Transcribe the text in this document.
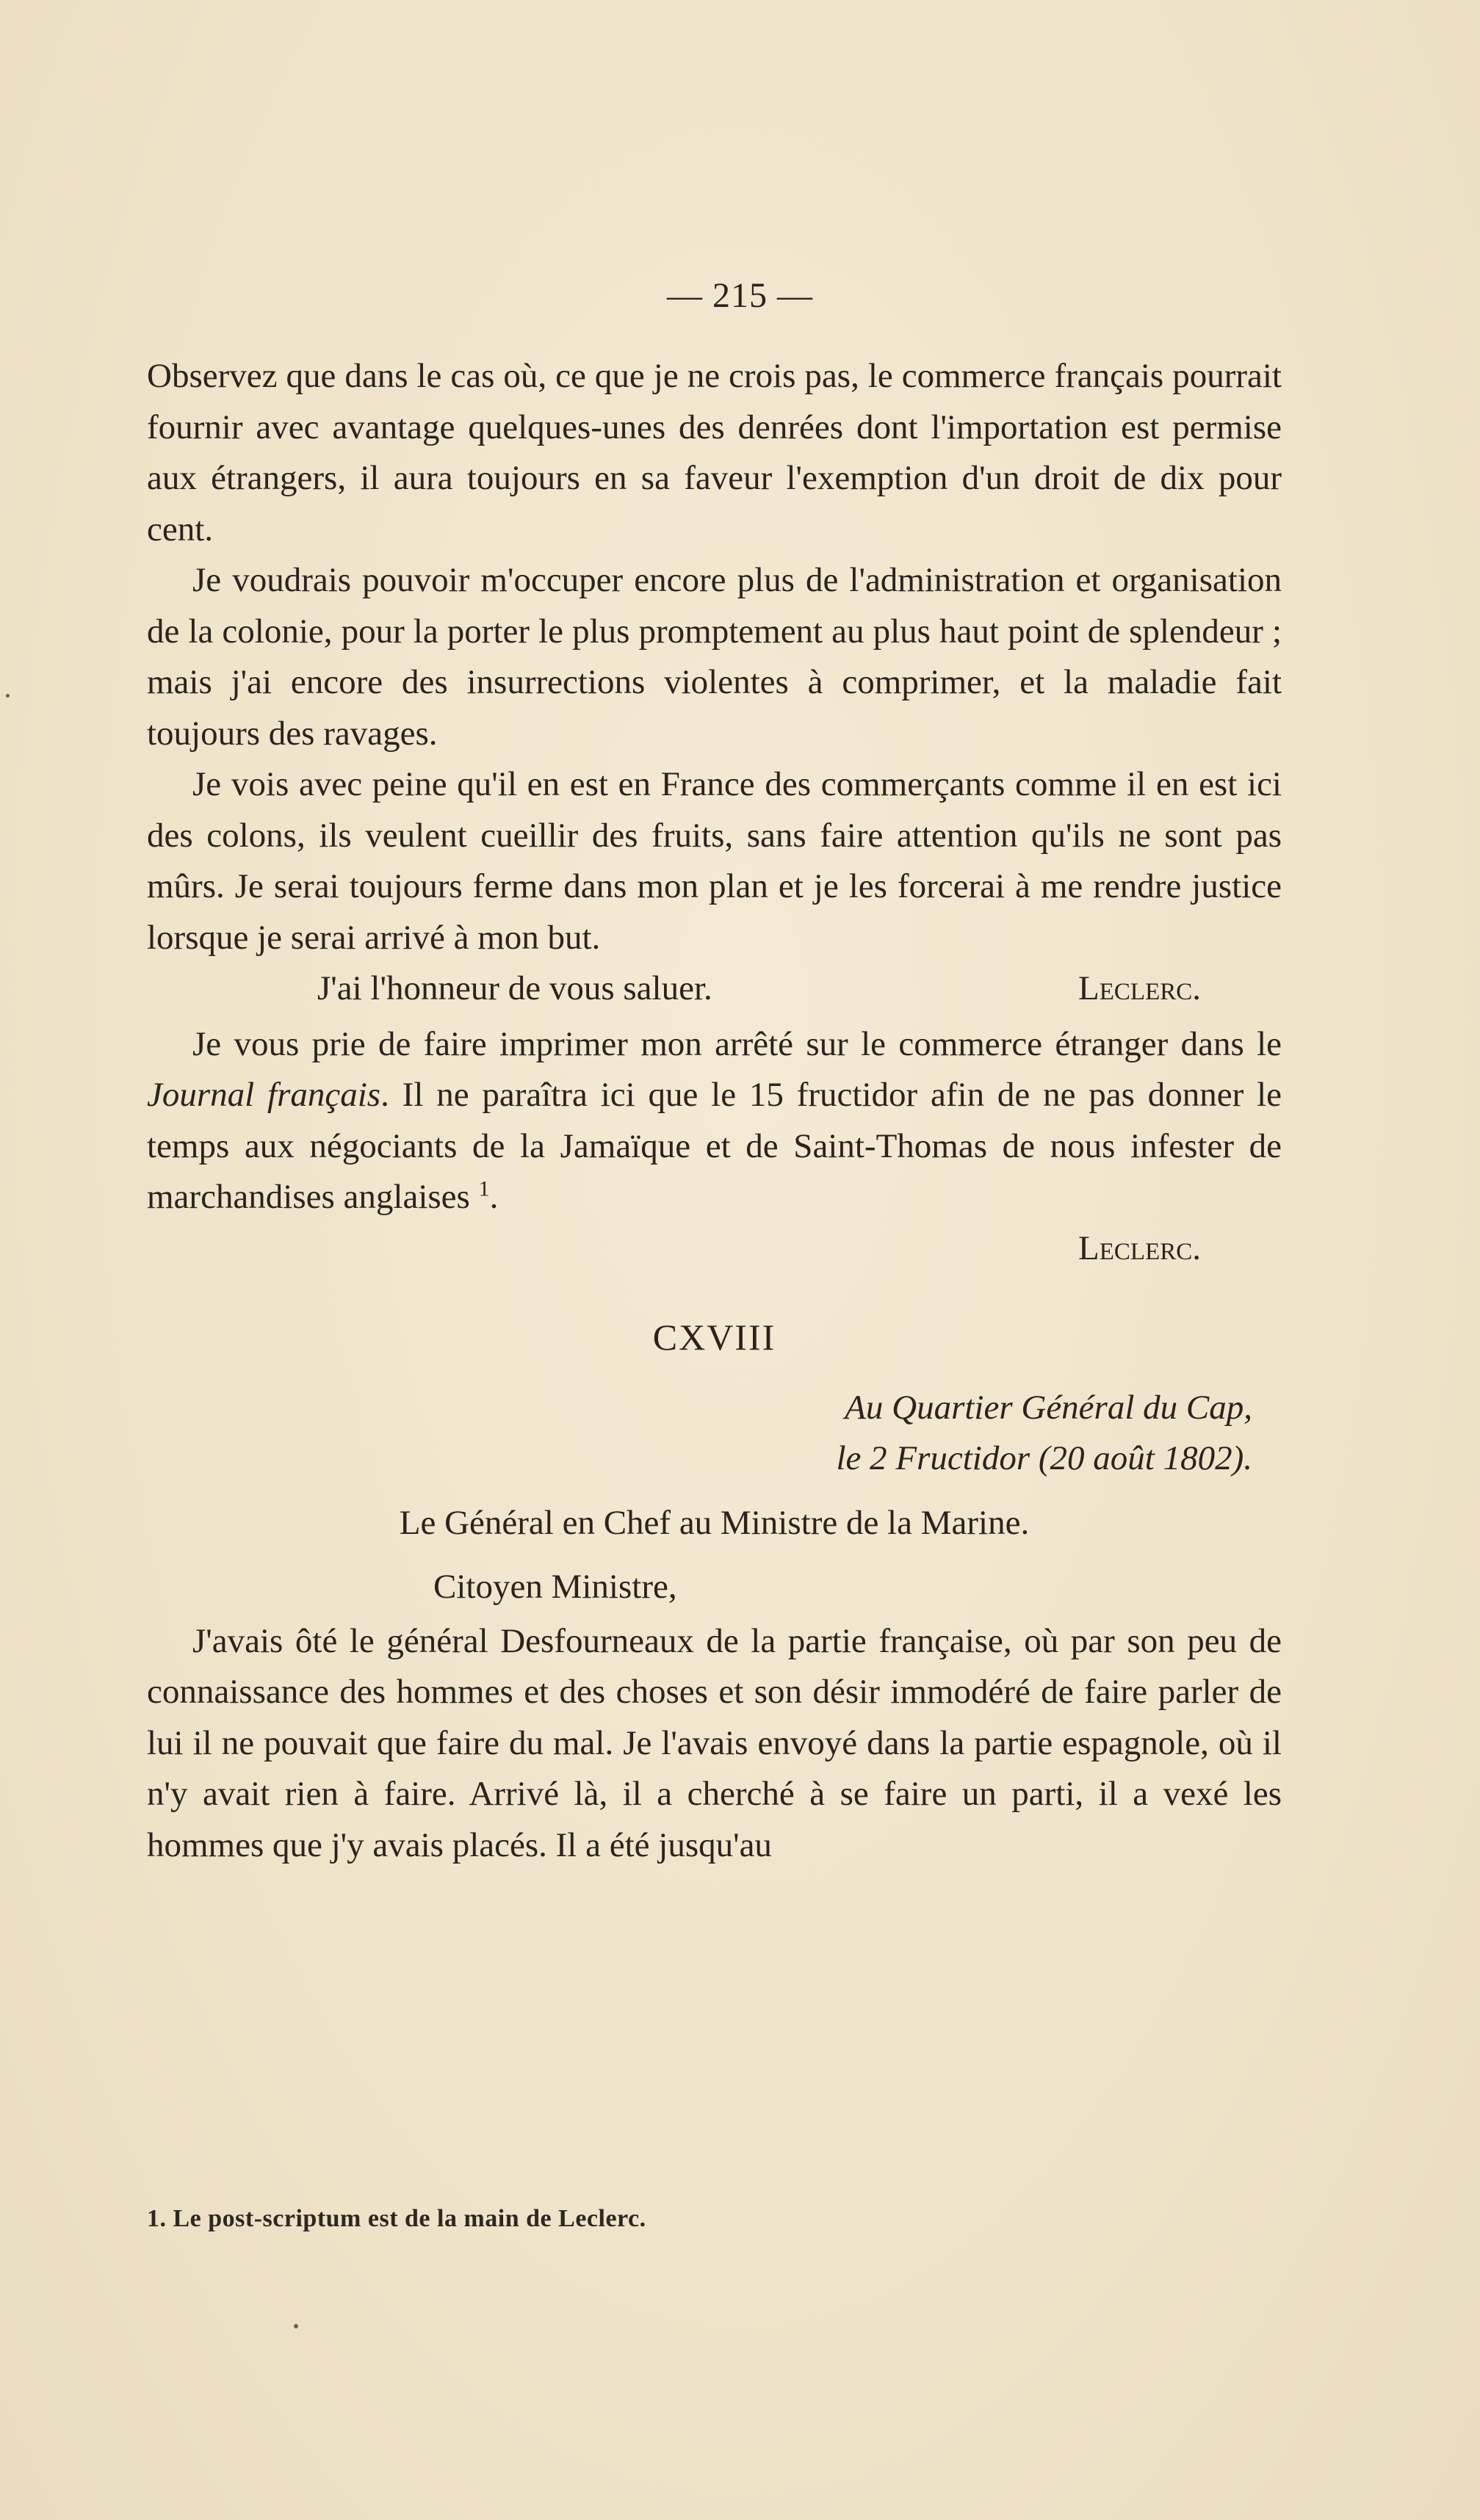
— 215 —

Observez que dans le cas où, ce que je ne crois pas, le commerce français pourrait fournir avec avantage quelques-unes des denrées dont l'importation est permise aux étrangers, il aura toujours en sa faveur l'exemption d'un droit de dix pour cent.

Je voudrais pouvoir m'occuper encore plus de l'administration et organisation de la colonie, pour la porter le plus promptement au plus haut point de splendeur ; mais j'ai encore des insurrections violentes à comprimer, et la maladie fait toujours des ravages.

Je vois avec peine qu'il en est en France des commerçants comme il en est ici des colons, ils veulent cueillir des fruits, sans faire attention qu'ils ne sont pas mûrs. Je serai toujours ferme dans mon plan et je les forcerai à me rendre justice lorsque je serai arrivé à mon but.

J'ai l'honneur de vous saluer.	Leclerc.

Je vous prie de faire imprimer mon arrêté sur le commerce étranger dans le Journal français. Il ne paraîtra ici que le 15 fructidor afin de ne pas donner le temps aux négociants de la Jamaïque et de Saint-Thomas de nous infester de marchandises anglaises $^1$.

Leclerc.
CXVIII
Au Quartier Général du Cap,
le 2 Fructidor (20 août 1802).
Le Général en Chef au Ministre de la Marine.
Citoyen Ministre,

J'avais ôté le général Desfourneaux de la partie française, où par son peu de connaissance des hommes et des choses et son désir immodéré de faire parler de lui il ne pouvait que faire du mal. Je l'avais envoyé dans la partie espagnole, où il n'y avait rien à faire. Arrivé là, il a cherché à se faire un parti, il a vexé les hommes que j'y avais placés. Il a été jusqu'au

1. Le post-scriptum est de la main de Leclerc.
